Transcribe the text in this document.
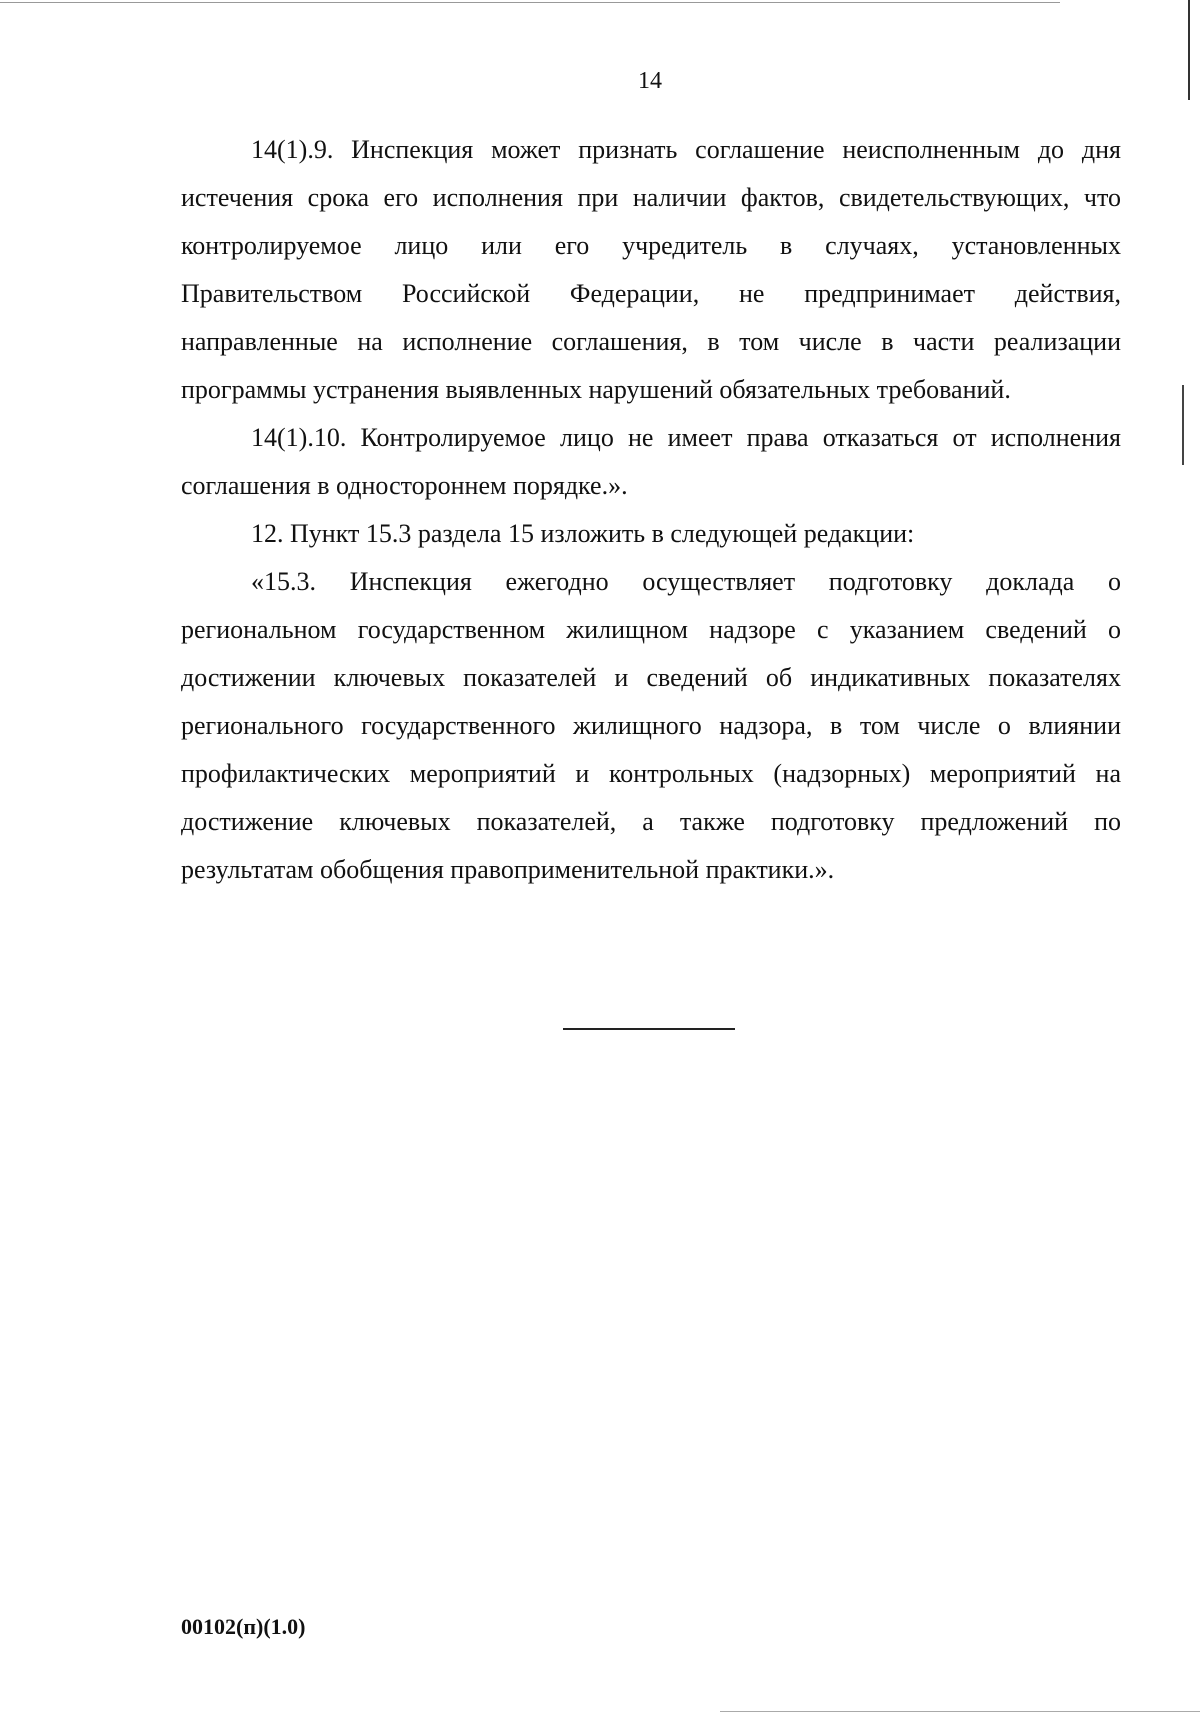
14
14(1).9. Инспекция может признать соглашение неисполненным до дня
истечения срока его исполнения при наличии фактов, свидетельствующих, что
контролируемое лицо или его учредитель в случаях, установленных
Правительством Российской Федерации, не предпринимает действия,
направленные на исполнение соглашения, в том числе в части реализации
программы устранения выявленных нарушений обязательных требований.
14(1).10. Контролируемое лицо не имеет права отказаться от исполнения
соглашения в одностороннем порядке.».
12. Пункт 15.3 раздела 15 изложить в следующей редакции:
«15.3. Инспекция ежегодно осуществляет подготовку доклада о
региональном государственном жилищном надзоре с указанием сведений о
достижении ключевых показателей и сведений об индикативных показателях
регионального государственного жилищного надзора, в том числе о влиянии
профилактических мероприятий и контрольных (надзорных) мероприятий на
достижение ключевых показателей, а также подготовку предложений по
результатам обобщения правоприменительной практики.».
00102(п)(1.0)
